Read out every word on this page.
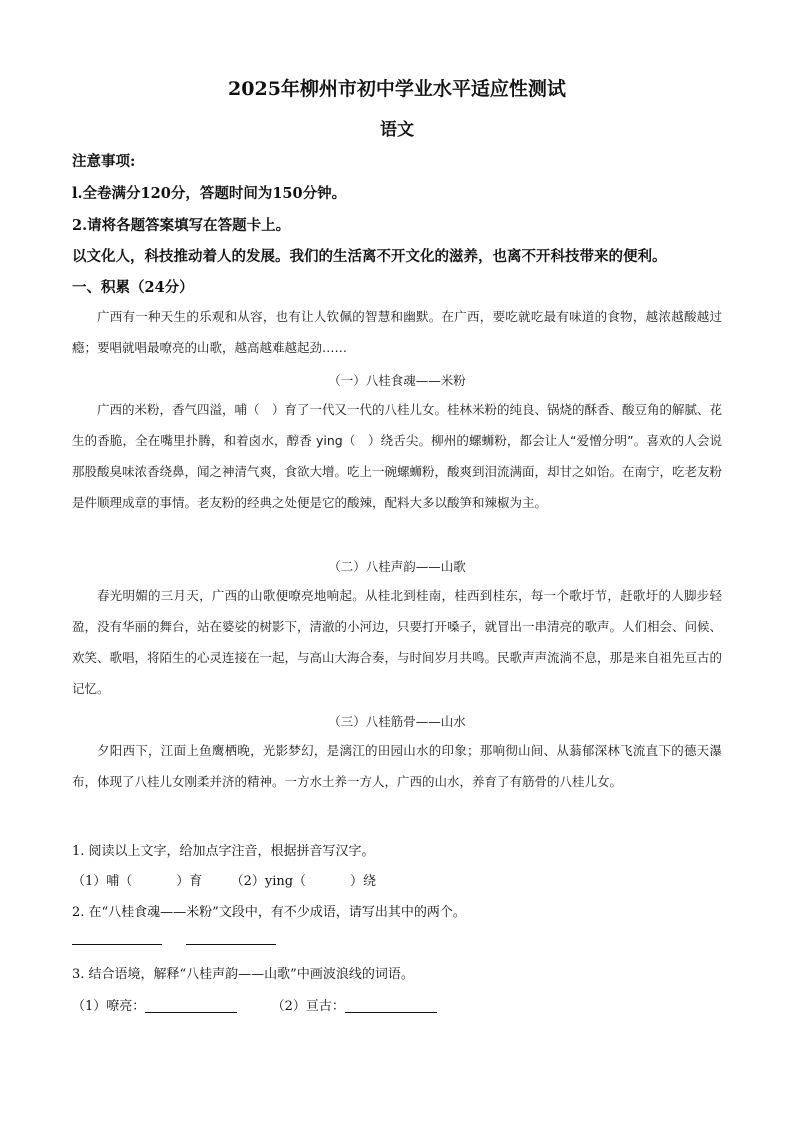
2025年柳州市初中学业水平适应性测试
语文
注意事项:
l.全卷满分120分，答题时间为150分钟。
2.请将各题答案填写在答题卡上。
以文化人，科技推动着人的发展。我们的生活离不开文化的滋养，也离不开科技带来的便利。
一、积累（24分）
广西有一种天生的乐观和从容，也有让人钦佩的智慧和幽默。在广西，要吃就吃最有味道的食物，越浓越酸越过瘾；要唱就唱最嘹亮的山歌，越高越难越起劲……
（一）八桂食魂——米粉
广西的米粉，香气四溢，哺（　）育了一代又一代的八桂儿女。桂林米粉的纯良、锅烧的酥香、酸豆角的解腻、花生的香脆，全在嘴里扑腾，和着卤水，醇香 ying（　）绕舌尖。柳州的螺蛳粉，都会让人“爱憎分明”。喜欢的人会说那股酸臭味浓香绕鼻，闻之神清气爽，食欲大增。吃上一碗螺蛳粉，酸爽到泪流满面，却甘之如饴。在南宁，吃老友粉是件顺理成章的事情。老友粉的经典之处便是它的酸辣，配料大多以酸笋和辣椒为主。
（二）八桂声韵——山歌
春光明媚的三月天，广西的山歌便嘹亮地响起。从桂北到桂南，桂西到桂东，每一个歌圩节，赶歌圩的人脚步轻盈，没有华丽的舞台，站在婆娑的树影下，清澈的小河边，只要打开嗓子，就冒出一串清亮的歌声。人们相会、问候、欢笑、歌唱，将陌生的心灵连接在一起，与高山大海合奏，与时间岁月共鸣。民歌声声流淌不息，那是来自祖先亘古的记忆。
（三）八桂筋骨——山水
夕阳西下，江面上鱼鹰栖晚，光影梦幻，是漓江的田园山水的印象；那响彻山间、从蓊郁深林飞流直下的德天瀑布，体现了八桂儿女刚柔并济的精神。一方水土养一方人，广西的山水，养育了有筋骨的八桂儿女。
1. 阅读以上文字，给加点字注音，根据拼音写汉字。
（1）哺（	）育 （2）ying（	）绕
2. 在“八桂食魂——米粉”文段中，有不少成语，请写出其中的两个。
3. 结合语境，解释“八桂声韵——山歌”中画波浪线的词语。
（1）嘹亮：	（2）亘古：
